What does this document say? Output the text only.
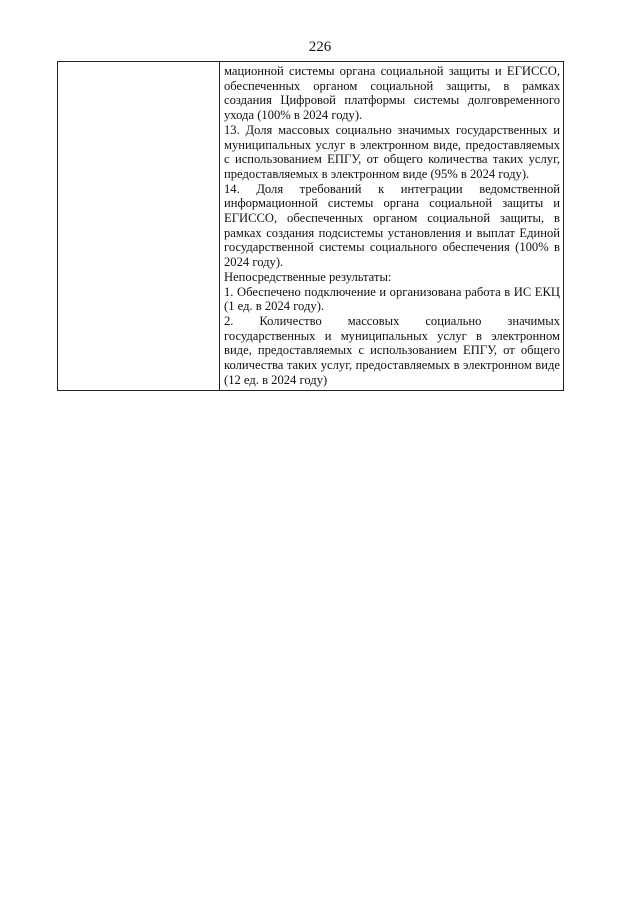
226

мационной системы органа социальной защиты и ЕГИССО, обеспеченных органом социальной защиты, в рамках создания Цифровой платформы системы долговременного ухода (100% в 2024 году).

13. Доля массовых социально значимых государственных и муниципальных услуг в электронном виде, предоставляемых с использованием ЕПГУ, от общего количества таких услуг, предоставляемых в электронном виде (95% в 2024 году).

14. Доля требований к интеграции ведомственной информационной системы органа социальной защиты и ЕГИССО, обеспеченных органом социальной защиты, в рамках создания подсистемы установления и выплат Единой государственной системы социального обеспечения (100% в 2024 году).

Непосредственные результаты:

1. Обеспечено подключение и организована работа в ИС ЕКЦ (1 ед. в 2024 году).

2. Количество массовых социально значимых государственных и муниципальных услуг в электронном виде, предоставляемых с использованием ЕПГУ, от общего количества таких услуг, предоставляемых в электронном виде (12 ед. в 2024 году)
